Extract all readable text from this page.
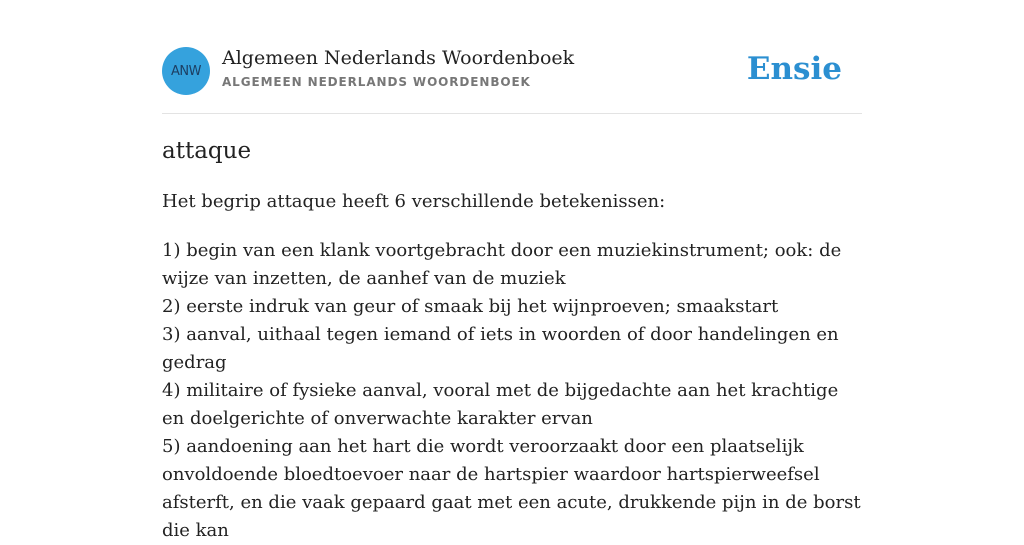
ANW
Algemeen Nederlands Woordenboek
ALGEMEEN NEDERLANDS WOORDENBOEK	Ensie
attaque

Het begrip attaque heeft 6 verschillende betekenissen:

1) begin van een klank voortgebracht door een muziekinstrument; ook: de wijze van inzetten, de aanhef van de muziek
2) eerste indruk van geur of smaak bij het wijnproeven; smaakstart
3) aanval, uithaal tegen iemand of iets in woorden of door handelingen en gedrag
4) militaire of fysieke aanval, vooral met de bijgedachte aan het krachtige en doelgerichte of onverwachte karakter ervan
5) aandoening aan het hart die wordt veroorzaakt door een plaatselijk onvoldoende bloedtoevoer naar de hartspier waardoor hartspierweefsel afsterft, en die vaak gepaard gaat met een acute, drukkende pijn in de borst die kan
